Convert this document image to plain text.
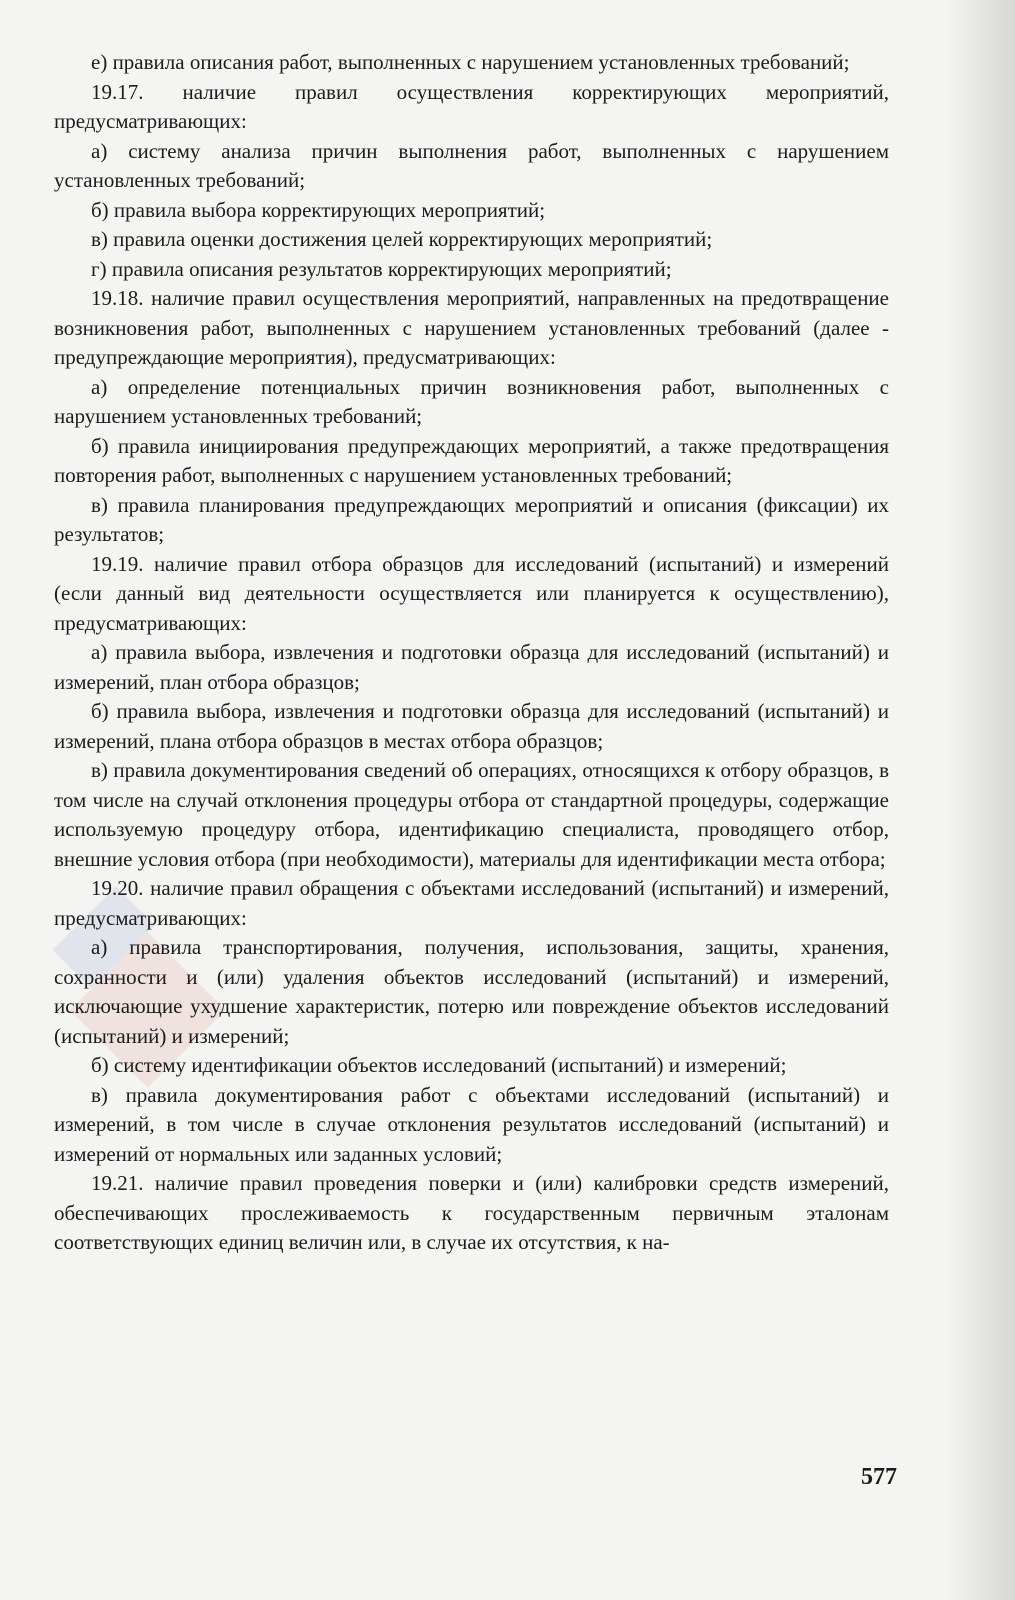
е) правила описания работ, выполненных с нарушением установленных требований;

19.17. наличие правил осуществления корректирующих мероприятий, предусматривающих:

а) систему анализа причин выполнения работ, выполненных с нарушением установленных требований;

б) правила выбора корректирующих мероприятий;

в) правила оценки достижения целей корректирующих мероприятий;

г) правила описания результатов корректирующих мероприятий;

19.18. наличие правил осуществления мероприятий, направленных на предотвращение возникновения работ, выполненных с нарушением установленных требований (далее - предупреждающие мероприятия), предусматривающих:

а) определение потенциальных причин возникновения работ, выполненных с нарушением установленных требований;

б) правила инициирования предупреждающих мероприятий, а также предотвращения повторения работ, выполненных с нарушением установленных требований;

в) правила планирования предупреждающих мероприятий и описания (фиксации) их результатов;

19.19. наличие правил отбора образцов для исследований (испытаний) и измерений (если данный вид деятельности осуществляется или планируется к осуществлению), предусматривающих:

а) правила выбора, извлечения и подготовки образца для исследований (испытаний) и измерений, план отбора образцов;

б) правила выбора, извлечения и подготовки образца для исследований (испытаний) и измерений, плана отбора образцов в местах отбора образцов;

в) правила документирования сведений об операциях, относящихся к отбору образцов, в том числе на случай отклонения процедуры отбора от стандартной процедуры, содержащие используемую процедуру отбора, идентификацию специалиста, проводящего отбор, внешние условия отбора (при необходимости), материалы для идентификации места отбора;

19.20. наличие правил обращения с объектами исследований (испытаний) и измерений, предусматривающих:

а) правила транспортирования, получения, использования, защиты, хранения, сохранности и (или) удаления объектов исследований (испытаний) и измерений, исключающие ухудшение характеристик, потерю или повреждение объектов исследований (испытаний) и измерений;

б) систему идентификации объектов исследований (испытаний) и измерений;

в) правила документирования работ с объектами исследований (испытаний) и измерений, в том числе в случае отклонения результатов исследований (испытаний) и измерений от нормальных или заданных условий;

19.21. наличие правил проведения поверки и (или) калибровки средств измерений, обеспечивающих прослеживаемость к государственным первичным эталонам соответствующих единиц величин или, в случае их отсутствия, к на-

577
